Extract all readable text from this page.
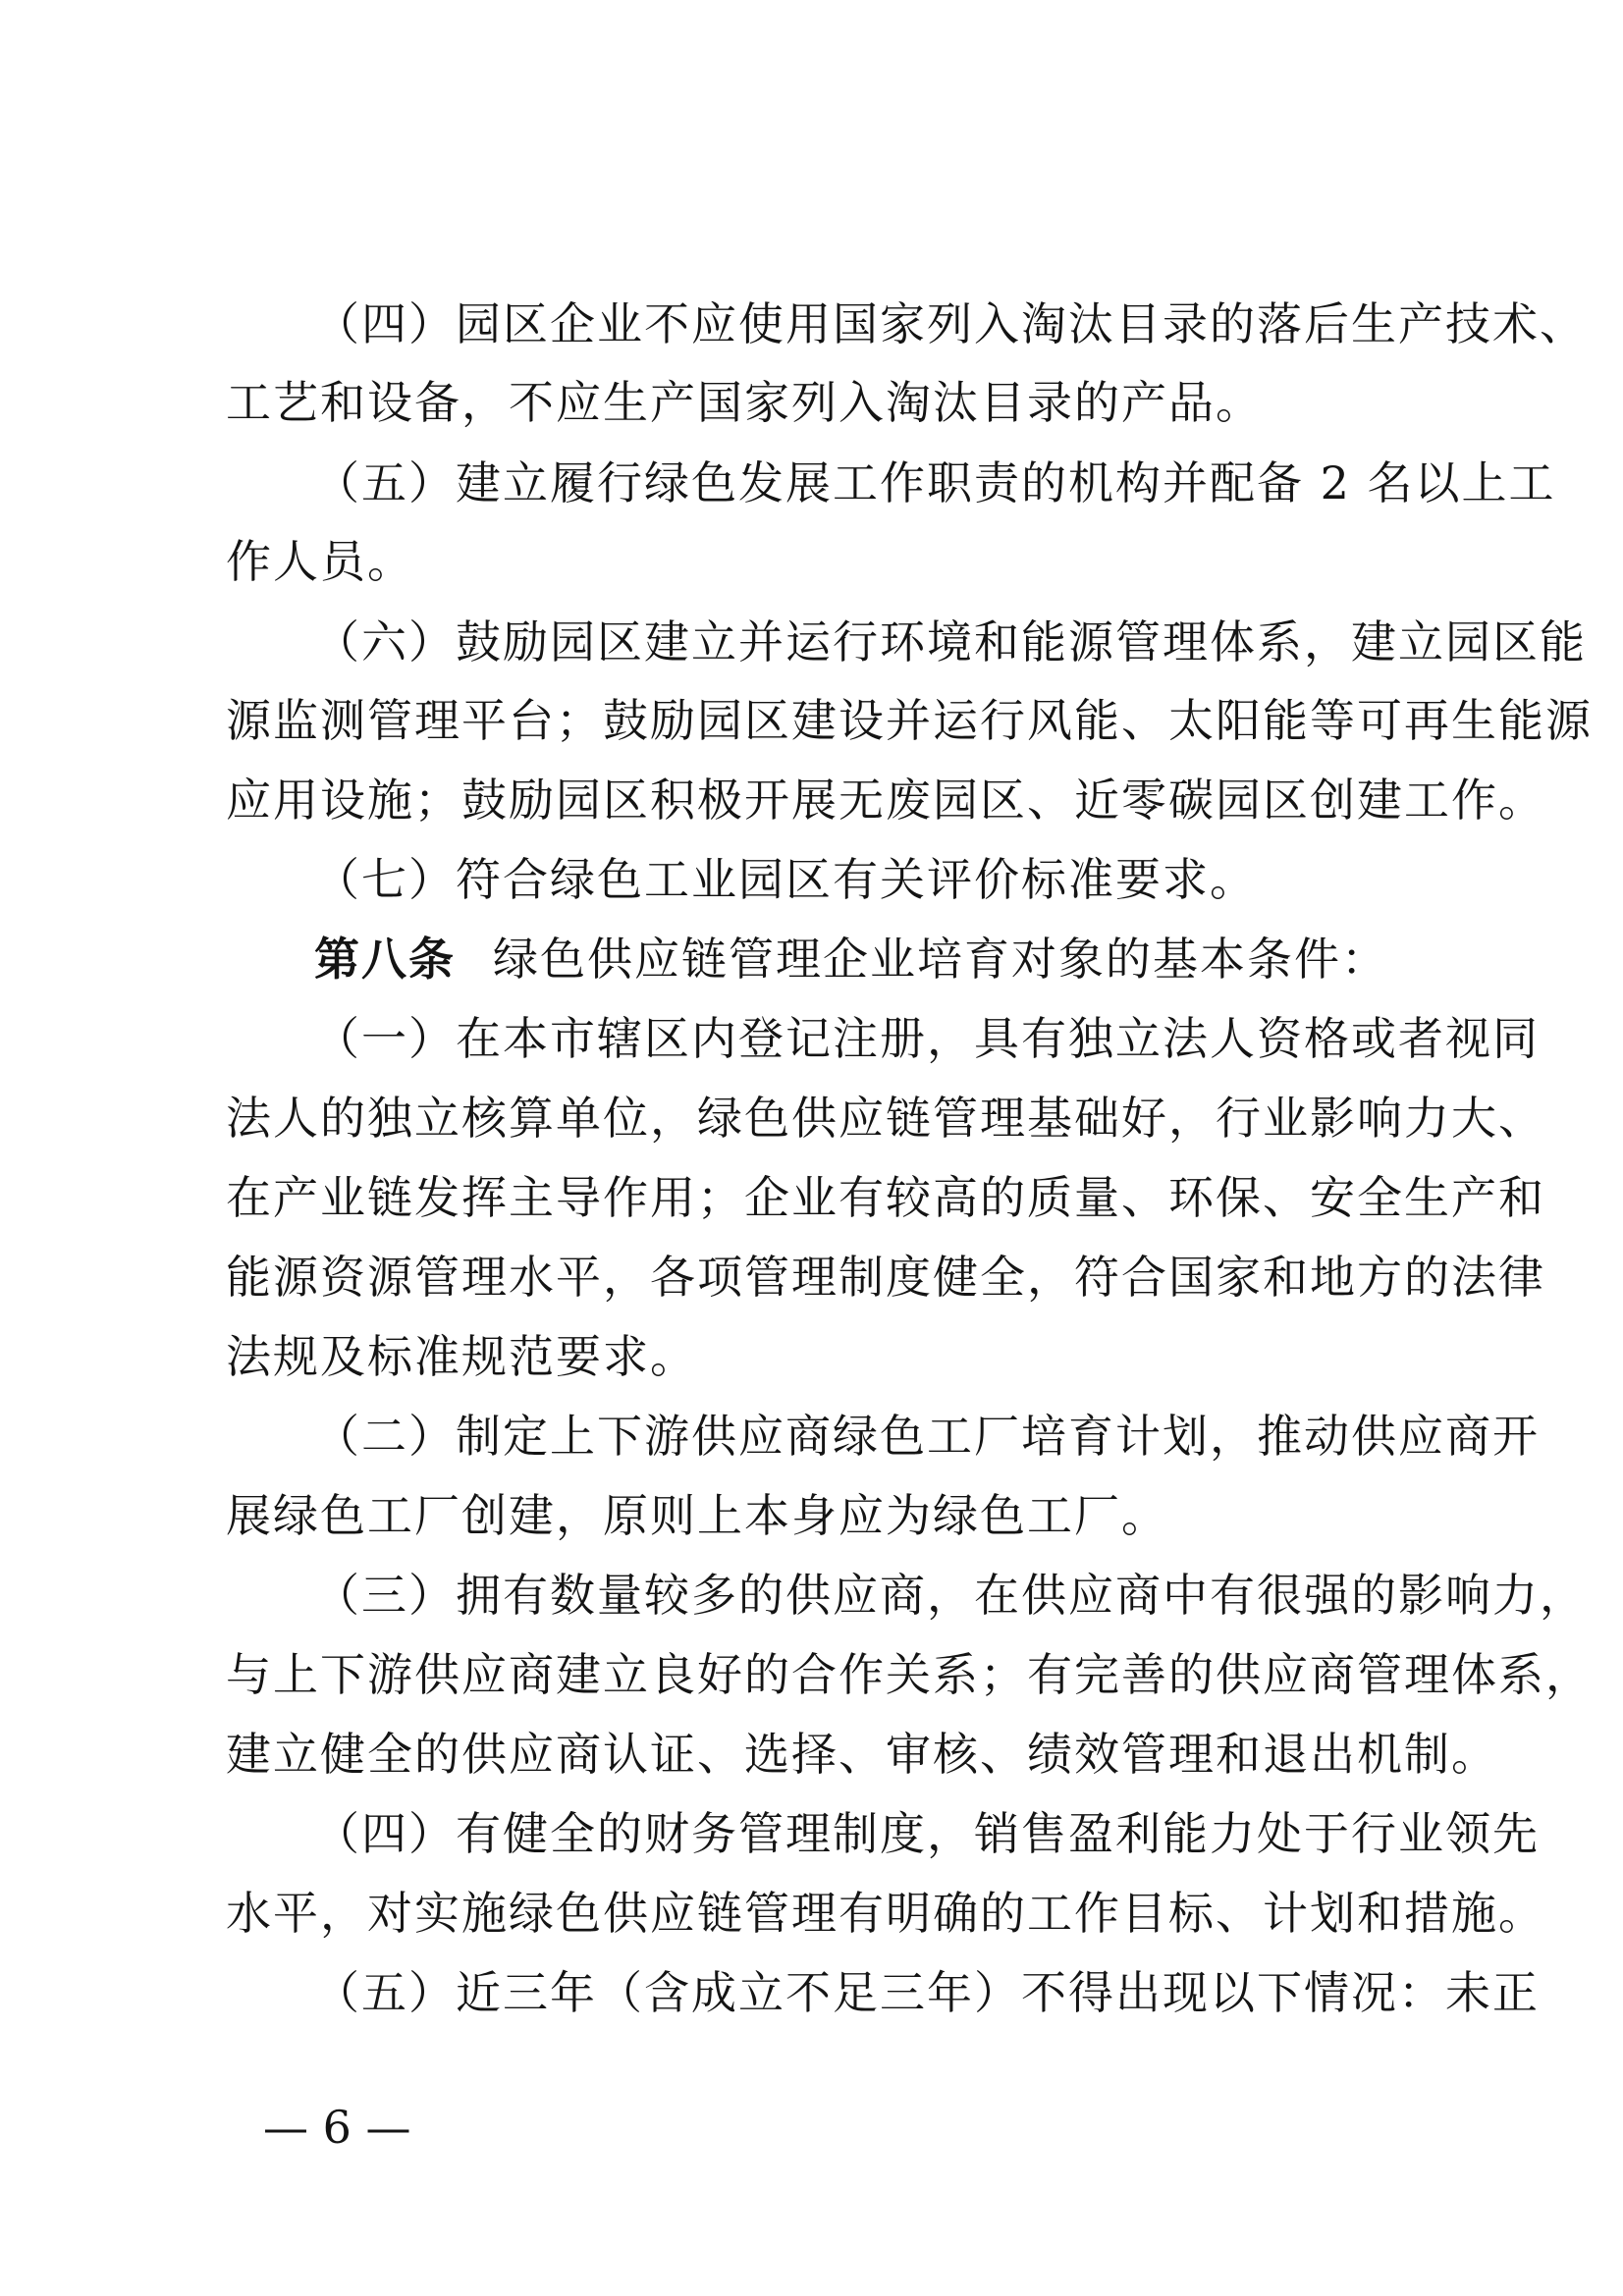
（四）园区企业不应使用国家列入淘汰目录的落后生产技术、
工艺和设备，不应生产国家列入淘汰目录的产品。
（五）建立履行绿色发展工作职责的机构并配备 2 名以上工
作人员。
（六）鼓励园区建立并运行环境和能源管理体系，建立园区能
源监测管理平台；鼓励园区建设并运行风能、太阳能等可再生能源
应用设施；鼓励园区积极开展无废园区、近零碳园区创建工作。
（七）符合绿色工业园区有关评价标准要求。
第八条 绿色供应链管理企业培育对象的基本条件：
（一）在本市辖区内登记注册，具有独立法人资格或者视同
法人的独立核算单位，绿色供应链管理基础好，行业影响力大、
在产业链发挥主导作用；企业有较高的质量、环保、安全生产和
能源资源管理水平，各项管理制度健全，符合国家和地方的法律
法规及标准规范要求。
（二）制定上下游供应商绿色工厂培育计划，推动供应商开
展绿色工厂创建，原则上本身应为绿色工厂。
（三）拥有数量较多的供应商，在供应商中有很强的影响力，
与上下游供应商建立良好的合作关系；有完善的供应商管理体系，
建立健全的供应商认证、选择、审核、绩效管理和退出机制。
（四）有健全的财务管理制度，销售盈利能力处于行业领先
水平，对实施绿色供应链管理有明确的工作目标、计划和措施。
（五）近三年（含成立不足三年）不得出现以下情况：未正
— 6 —
